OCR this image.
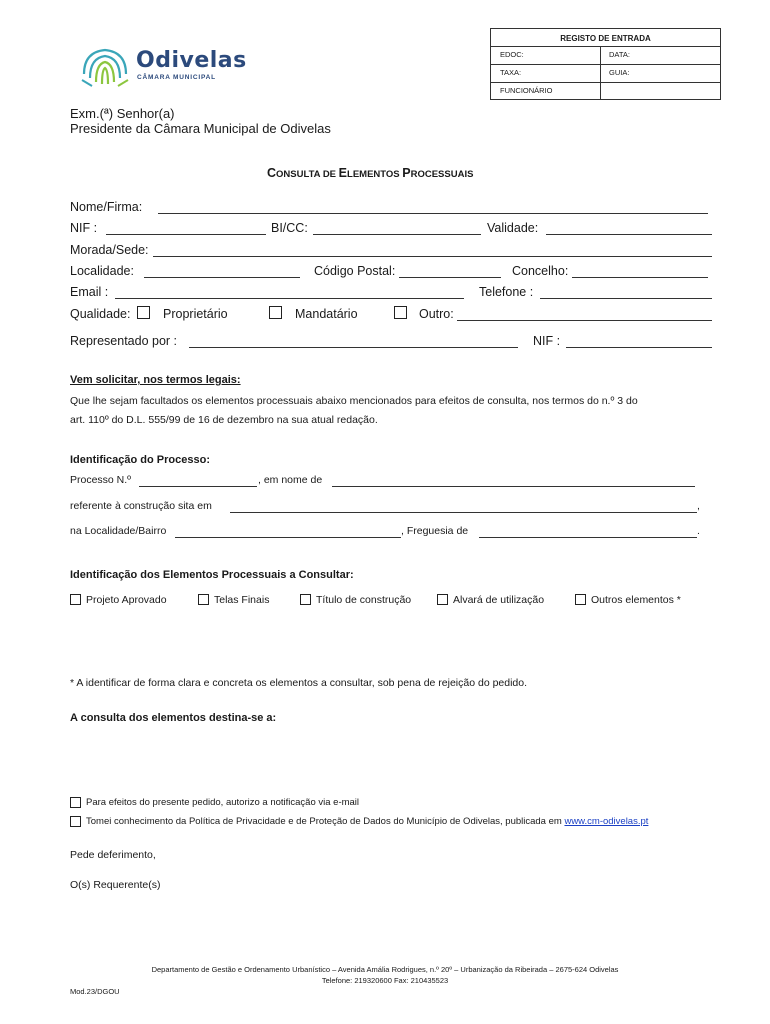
Odivelas
CÂMARA MUNICIPAL
REGISTO DE ENTRADA
EDOC:	DATA:
TAXA:	GUIA:
FUNCIONÁRIO
Exm.(ª) Senhor(a)
Presidente da Câmara Municipal de Odivelas
CONSULTA DE ELEMENTOS PROCESSUAIS
Nome/Firma:
NIF :	BI/CC:	Validade:
Morada/Sede:
Localidade:	Código Postal:	Concelho:
Email :	Telefone :
Qualidade:	Proprietário	Mandatário	Outro:
Representado por :	NIF :
Vem solicitar, nos termos legais:
Que lhe sejam facultados os elementos processuais abaixo mencionados para efeitos de consulta, nos termos do n.º 3 do
art. 110º do D.L. 555/99 de 16 de dezembro na sua atual redação.
Identificação do Processo:
Processo N.º	, em nome de
referente à construção sita em	,
na Localidade/Bairro	, Freguesia de	.
Identificação dos Elementos Processuais a Consultar:
Projeto Aprovado	Telas Finais	Título de construção	Alvará de utilização	Outros elementos *
* A identificar de forma clara e concreta os elementos a consultar, sob pena de rejeição do pedido.
A consulta dos elementos destina-se a:
Para efeitos do presente pedido, autorizo a notificação via e-mail
Tomei conhecimento da Política de Privacidade e de Proteção de Dados do Município de Odivelas, publicada em www.cm-odivelas.pt
Pede deferimento,
O(s) Requerente(s)
Departamento de Gestão e Ordenamento Urbanístico – Avenida Amália Rodrigues, n.º 20º – Urbanização da Ribeirada – 2675-624 Odivelas
Telefone: 219320600 Fax: 210435523
Mod.23/DGOU
